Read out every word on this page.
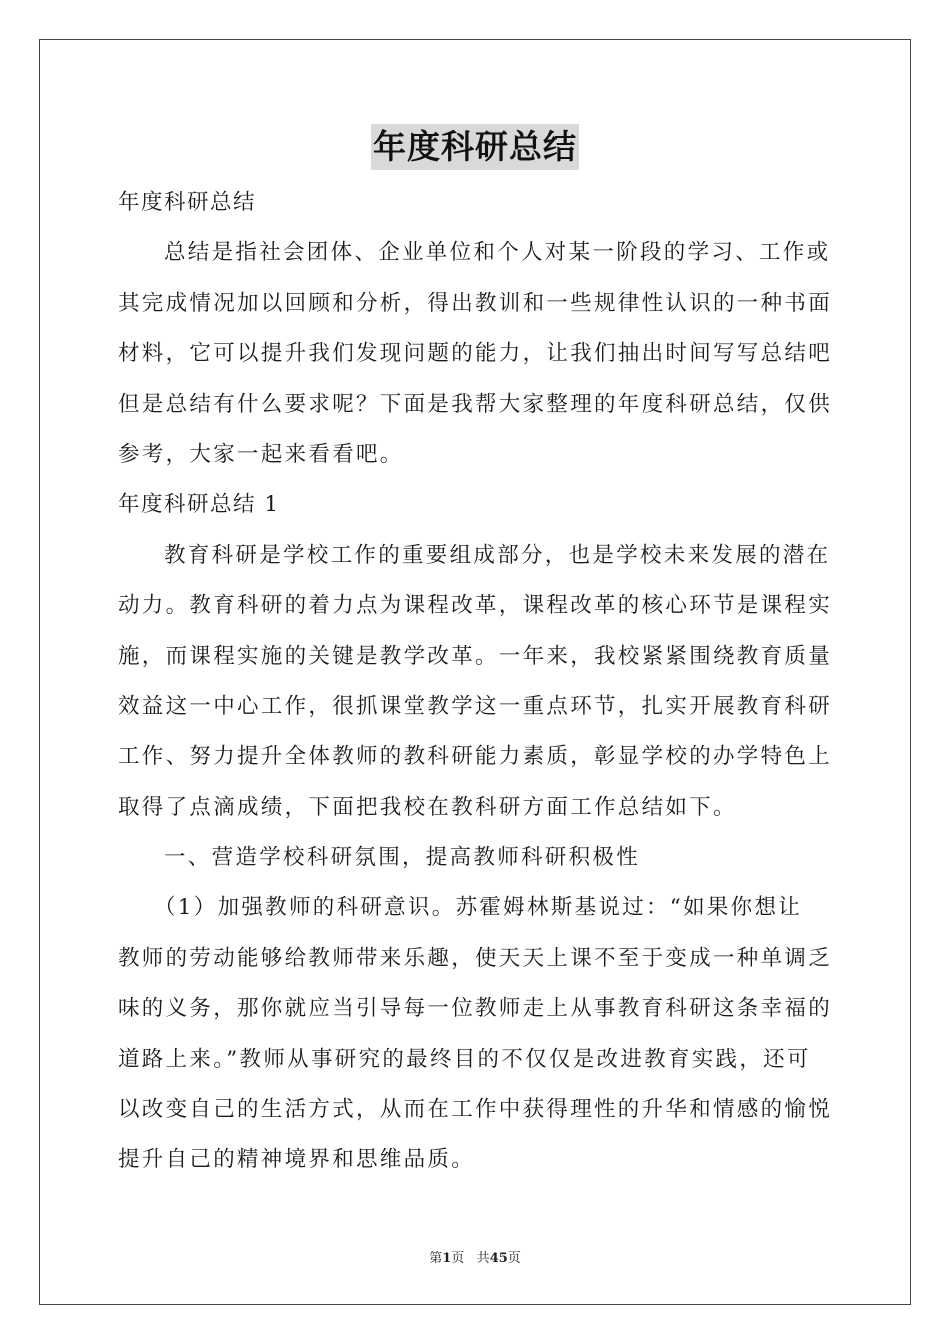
年度科研总结
年度科研总结
总结是指社会团体、企业单位和个人对某一阶段的学习、工作或
其完成情况加以回顾和分析，得出教训和一些规律性认识的一种书面
材料，它可以提升我们发现问题的能力，让我们抽出时间写写总结吧
但是总结有什么要求呢？下面是我帮大家整理的年度科研总结，仅供
参考，大家一起来看看吧。
年度科研总结 1
教育科研是学校工作的重要组成部分，也是学校未来发展的潜在
动力。教育科研的着力点为课程改革，课程改革的核心环节是课程实
施，而课程实施的关键是教学改革。一年来，我校紧紧围绕教育质量
效益这一中心工作，很抓课堂教学这一重点环节，扎实开展教育科研
工作、努力提升全体教师的教科研能力素质，彰显学校的办学特色上
取得了点滴成绩，下面把我校在教科研方面工作总结如下。
一、营造学校科研氛围，提高教师科研积极性
（1）加强教师的科研意识。苏霍姆林斯基说过：“如果你想让
教师的劳动能够给教师带来乐趣，使天天上课不至于变成一种单调乏
味的义务，那你就应当引导每一位教师走上从事教育科研这条幸福的
道路上来。”教师从事研究的最终目的不仅仅是改进教育实践，还可
以改变自己的生活方式，从而在工作中获得理性的升华和情感的愉悦
提升自己的精神境界和思维品质。
第1页 共45页
